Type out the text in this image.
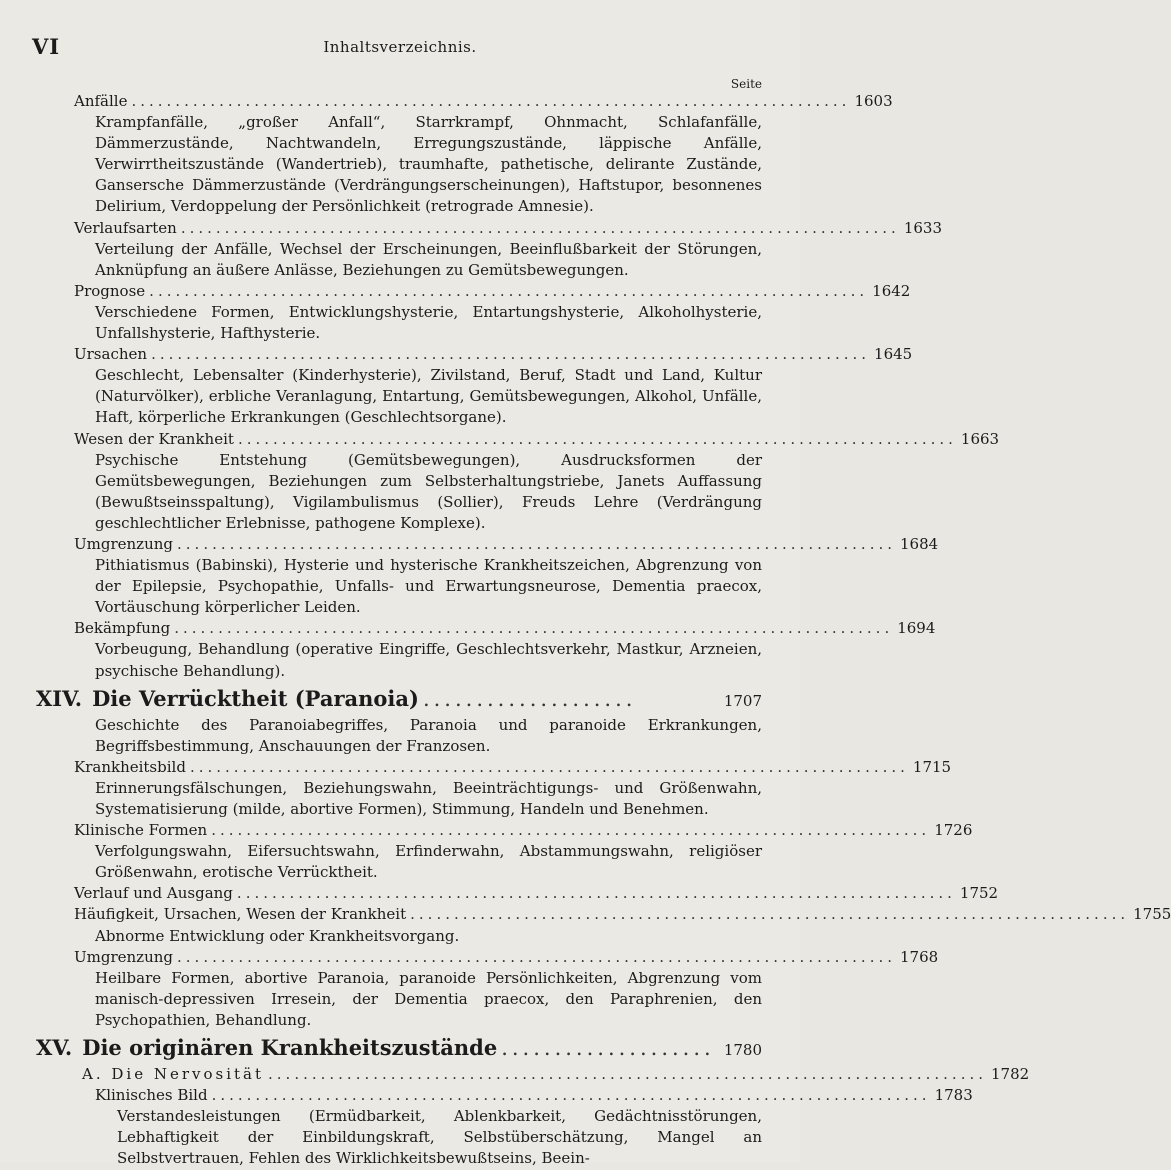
VI	Inhaltsverzeichnis.
Seite
Anfälle .................................................................................. 1603
Krampfanfälle, „großer Anfall“, Starrkrampf, Ohnmacht, Schlafanfälle, Dämmerzustände, Nachtwandeln, Erregungszustände, läppische Anfälle, Verwirrtheitszustände (Wandertrieb), traumhafte, pathetische, delirante Zustände, Gansersche Dämmerzustände (Verdrängungserscheinungen), Haftstupor, besonnenes Delirium, Verdoppelung der Persönlichkeit (retrograde Amnesie).
Verlaufsarten .................................................................................. 1633
Verteilung der Anfälle, Wechsel der Erscheinungen, Beeinflußbarkeit der Störungen, Anknüpfung an äußere Anlässe, Beziehungen zu Gemütsbewegungen.
Prognose .................................................................................. 1642
Verschiedene Formen, Entwicklungshysterie, Entartungshysterie, Alkoholhysterie, Unfallshysterie, Hafthysterie.
Ursachen .................................................................................. 1645
Geschlecht, Lebensalter (Kinderhysterie), Zivilstand, Beruf, Stadt und Land, Kultur (Naturvölker), erbliche Veranlagung, Entartung, Gemütsbewegungen, Alkohol, Unfälle, Haft, körperliche Erkrankungen (Geschlechtsorgane).
Wesen der Krankheit .................................................................................. 1663
Psychische Entstehung (Gemütsbewegungen), Ausdrucksformen der Gemütsbewegungen, Beziehungen zum Selbsterhaltungstriebe, Janets Auffassung (Bewußtseinsspaltung), Vigilambulismus (Sollier), Freuds Lehre (Verdrängung geschlechtlicher Erlebnisse, pathogene Komplexe).
Umgrenzung .................................................................................. 1684
Pithiatismus (Babinski), Hysterie und hysterische Krankheitszeichen, Abgrenzung von der Epilepsie, Psychopathie, Unfalls- und Erwartungsneurose, Dementia praecox, Vortäuschung körperlicher Leiden.
Bekämpfung .................................................................................. 1694
Vorbeugung, Behandlung (operative Eingriffe, Geschlechtsverkehr, Mastkur, Arzneien, psychische Behandlung).
XIV. Die Verrücktheit (Paranoia) ....................	1707
Geschichte des Paranoiabegriffes, Paranoia und paranoide Erkrankungen, Begriffsbestimmung, Anschauungen der Franzosen.
Krankheitsbild .................................................................................. 1715
Erinnerungsfälschungen, Beziehungswahn, Beeinträchtigungs- und Größenwahn, Systematisierung (milde, abortive Formen), Stimmung, Handeln und Benehmen.
Klinische Formen .................................................................................. 1726
Verfolgungswahn, Eifersuchtswahn, Erfinderwahn, Abstammungswahn, religiöser Größenwahn, erotische Verrücktheit.
Verlauf und Ausgang .................................................................................. 1752
Häufigkeit, Ursachen, Wesen der Krankheit .................................................................................. 1755
Abnorme Entwicklung oder Krankheitsvorgang.
Umgrenzung .................................................................................. 1768
Heilbare Formen, abortive Paranoia, paranoide Persönlichkeiten, Abgrenzung vom manisch-depressiven Irresein, der Dementia praecox, den Paraphrenien, den Psychopathien, Behandlung.
XV. Die originären Krankheitszustände .................... 1780
A. Die Nervosität .................................................................................. 1782
Klinisches Bild .................................................................................. 1783
Verstandesleistungen (Ermüdbarkeit, Ablenkbarkeit, Gedächtnisstörungen, Lebhaftigkeit der Einbildungskraft, Selbstüberschätzung, Mangel an Selbstvertrauen, Fehlen des Wirklichkeitsbewußtseins, Beein-
